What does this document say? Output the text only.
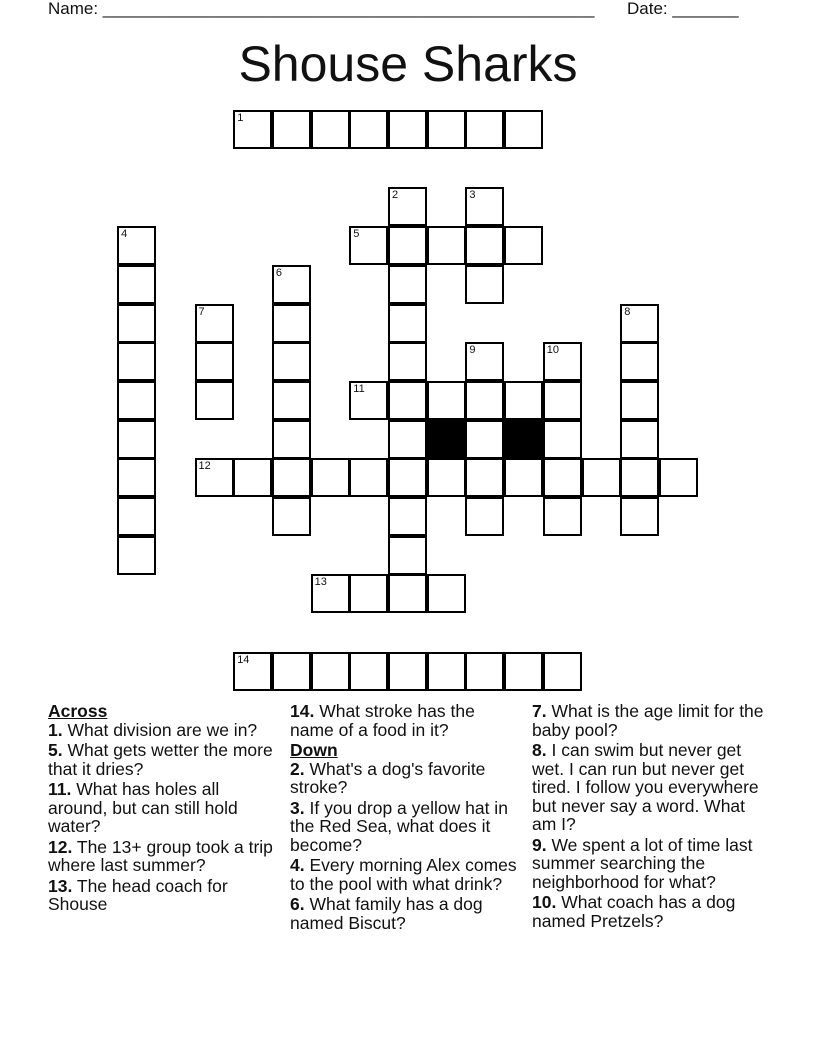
Name: ____________________________________________________ Date: _______
Shouse Sharks
1
2	3
4	5
6
7	8
9	10
11
12
13
14
Across
1. What division are we in?
5. What gets wetter the more that it dries?
11. What has holes all around, but can still hold water?
12. The 13+ group took a trip where last summer?
13. The head coach for Shouse
14. What stroke has the name of a food in it?
Down
2. What's a dog's favorite stroke?
3. If you drop a yellow hat in the Red Sea, what does it become?
4. Every morning Alex comes to the pool with what drink?
6. What family has a dog named Biscut?
7. What is the age limit for the baby pool?
8. I can swim but never get wet. I can run but never get tired. I follow you everywhere but never say a word. What am I?
9. We spent a lot of time last summer searching the neighborhood for what?
10. What coach has a dog named Pretzels?
